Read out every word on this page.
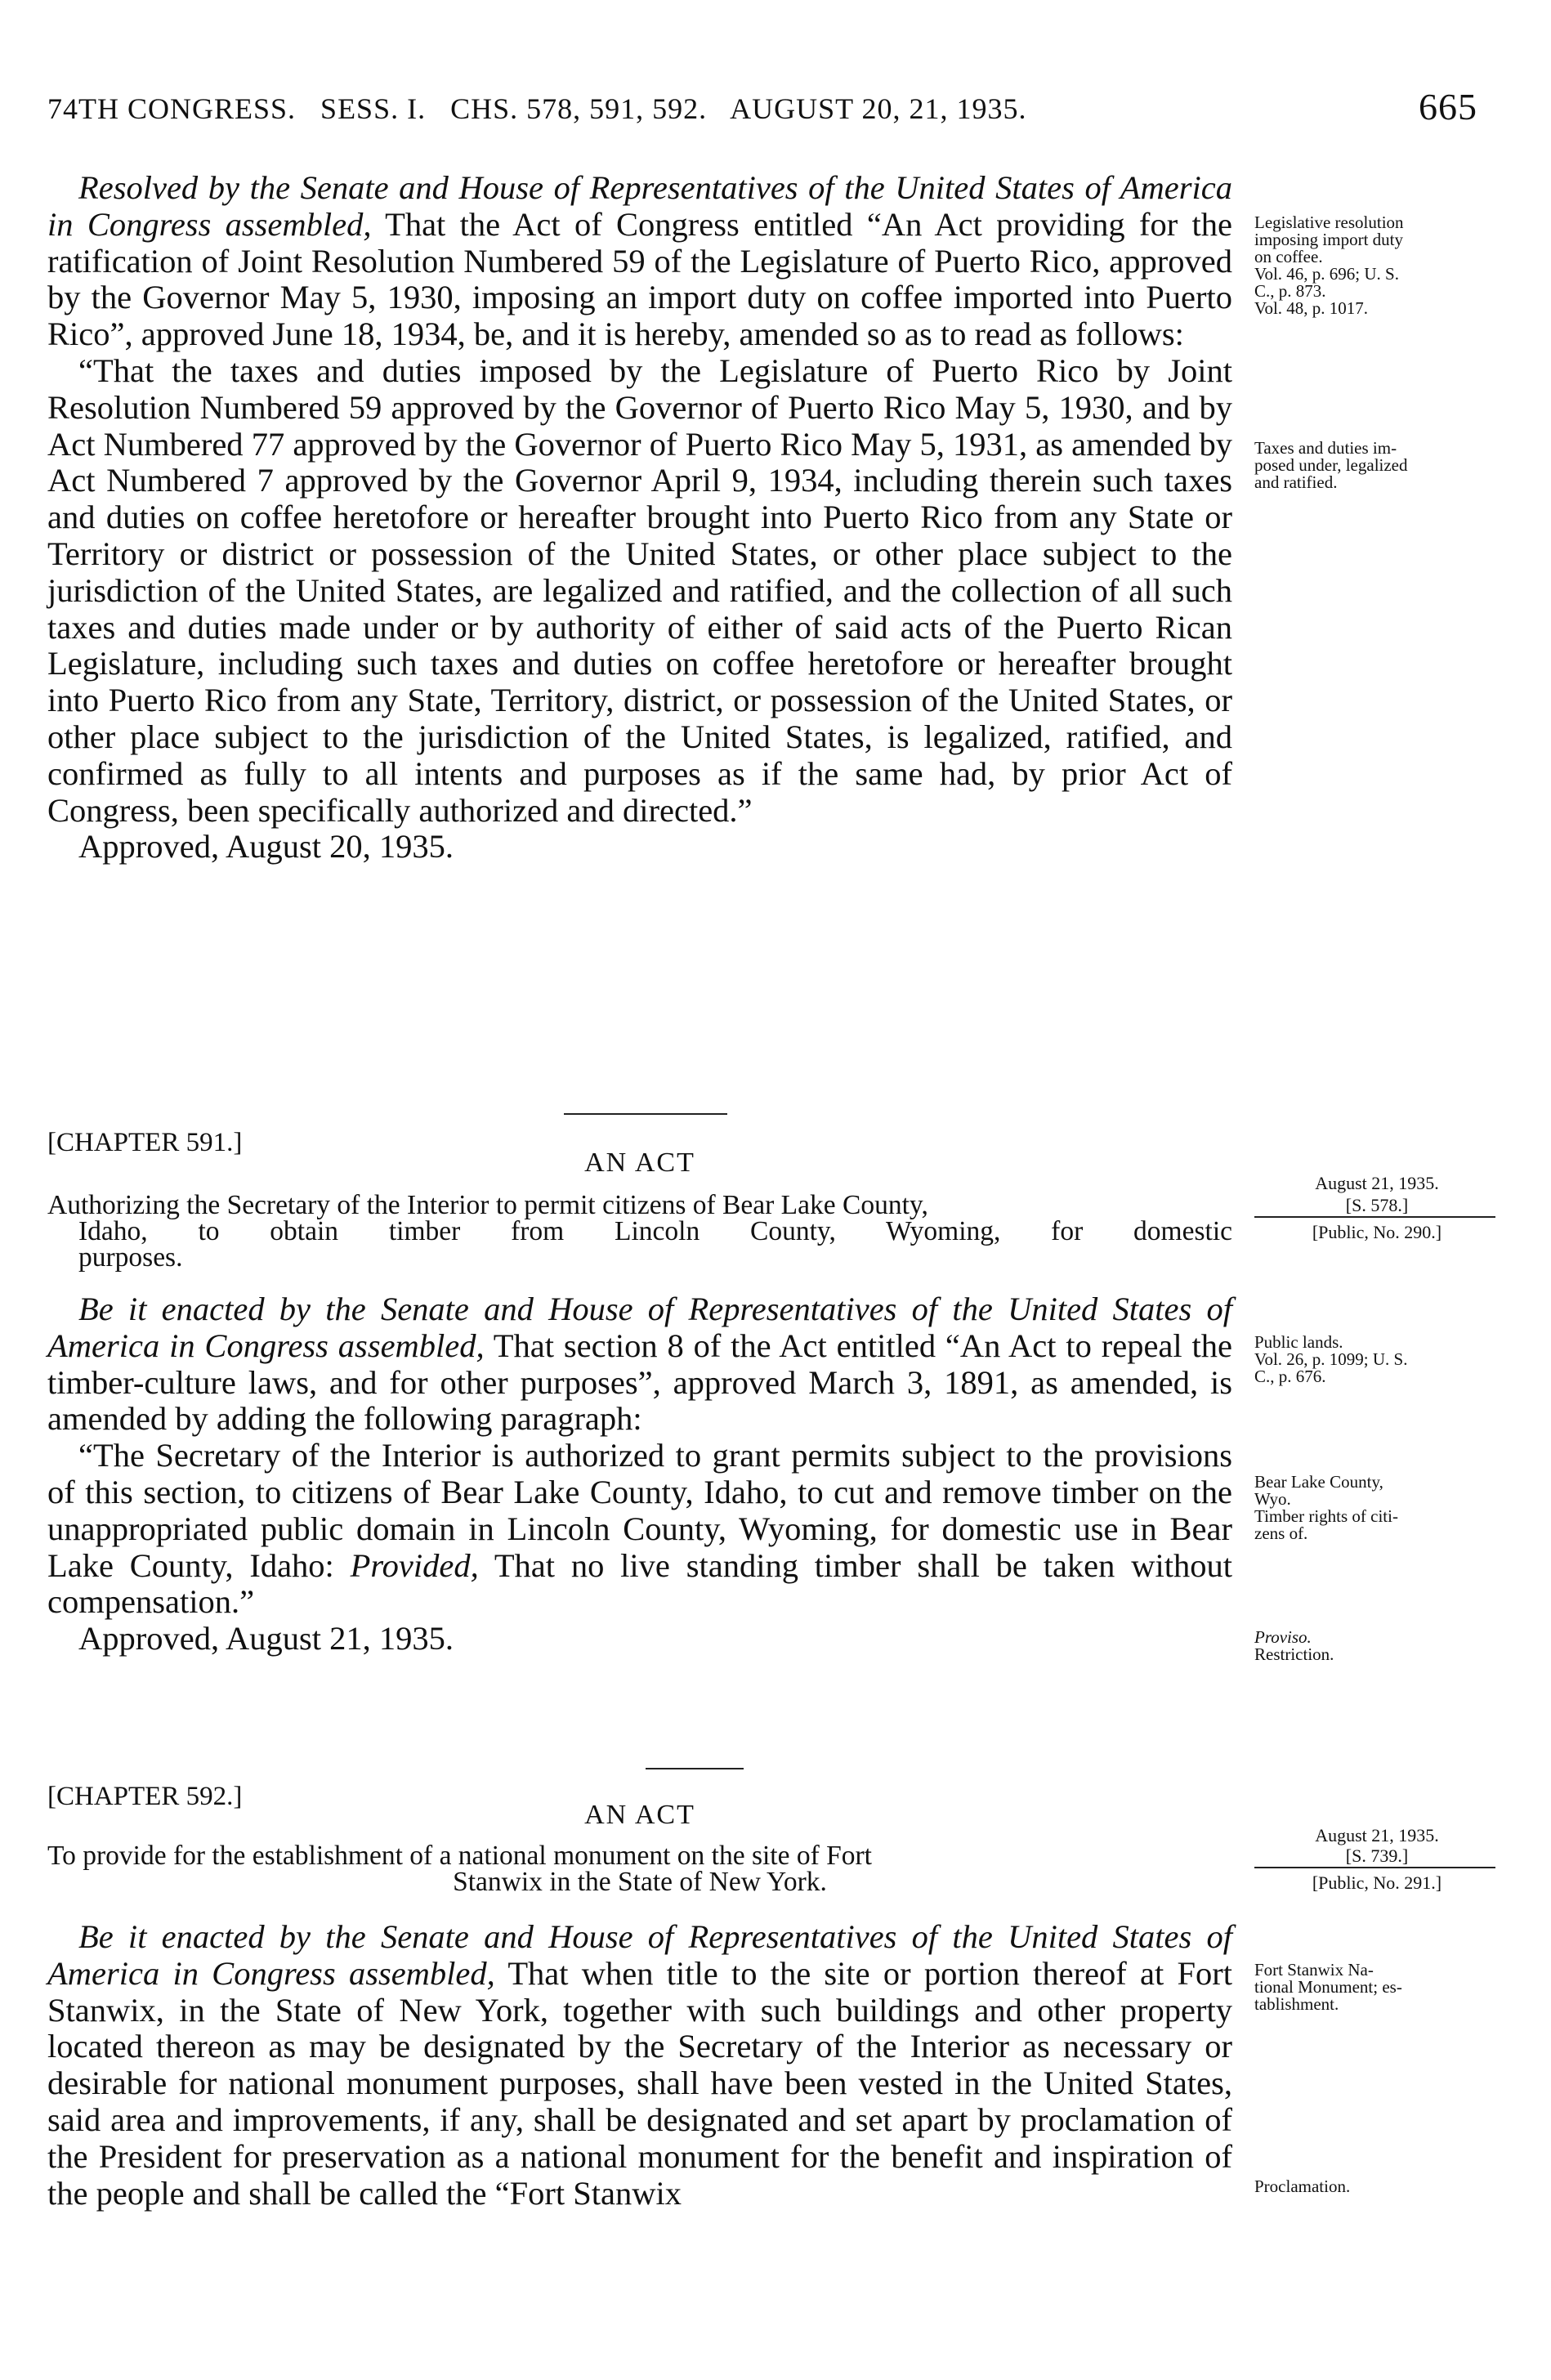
74TH CONGRESS. SESS. I. CHS. 578, 591, 592. AUGUST 20, 21, 1935.	665

Resolved by the Senate and House of Representatives of the United States of America in Congress assembled, That the Act of Congress entitled “An Act providing for the ratification of Joint Resolution Numbered 59 of the Legislature of Puerto Rico, approved by the Governor May 5, 1930, imposing an import duty on coffee imported into Puerto Rico”, approved June 18, 1934, be, and it is hereby, amended so as to read as follows:

“That the taxes and duties imposed by the Legislature of Puerto Rico by Joint Resolution Numbered 59 approved by the Governor of Puerto Rico May 5, 1930, and by Act Numbered 77 approved by the Governor of Puerto Rico May 5, 1931, as amended by Act Numbered 7 approved by the Governor April 9, 1934, including therein such taxes and duties on coffee heretofore or hereafter brought into Puerto Rico from any State or Territory or district or possession of the United States, or other place subject to the jurisdiction of the United States, are legalized and ratified, and the collection of all such taxes and duties made under or by authority of either of said acts of the Puerto Rican Legislature, including such taxes and duties on coffee heretofore or hereafter brought into Puerto Rico from any State, Territory, district, or possession of the United States, or other place subject to the jurisdiction of the United States, is legalized, ratified, and confirmed as fully to all intents and purposes as if the same had, by prior Act of Congress, been specifically authorized and directed.”

Approved, August 20, 1935.

Legislative resolution
imposing import duty
on coffee.
Vol. 46, p. 696; U. S.
C., p. 873.
Vol. 48, p. 1017.
Taxes and duties im-
posed under, legalized
and ratified.
[CHAPTER 591.]
AN ACT

Authorizing the Secretary of the Interior to permit citizens of Bear Lake County,

Idaho, to obtain timber from Lincoln County, Wyoming, for domestic

purposes.

August 21, 1935.
[S. 578.]
[Public, No. 290.]

Be it enacted by the Senate and House of Representatives of the United States of America in Congress assembled, That section 8 of the Act entitled “An Act to repeal the timber-culture laws, and for other purposes”, approved March 3, 1891, as amended, is amended by adding the following paragraph:

“The Secretary of the Interior is authorized to grant permits subject to the provisions of this section, to citizens of Bear Lake County, Idaho, to cut and remove timber on the unappropriated public domain in Lincoln County, Wyoming, for domestic use in Bear Lake County, Idaho: Provided, That no live standing timber shall be taken without compensation.”

Approved, August 21, 1935.

Public lands.
Vol. 26, p. 1099; U. S.
C., p. 676.
Bear Lake County,
Wyo.
Timber rights of citi-
zens of.
Proviso.
Restriction.
[CHAPTER 592.]
AN ACT

To provide for the establishment of a national monument on the site of Fort

Stanwix in the State of New York.

August 21, 1935.
[S. 739.]
[Public, No. 291.]

Be it enacted by the Senate and House of Representatives of the United States of America in Congress assembled, That when title to the site or portion thereof at Fort Stanwix, in the State of New York, together with such buildings and other property located thereon as may be designated by the Secretary of the Interior as necessary or desirable for national monument purposes, shall have been vested in the United States, said area and improvements, if any, shall be designated and set apart by proclamation of the President for preservation as a national monument for the benefit and inspiration of the people and shall be called the “Fort Stanwix

Fort Stanwix Na-
tional Monument; es-
tablishment.
Proclamation.
